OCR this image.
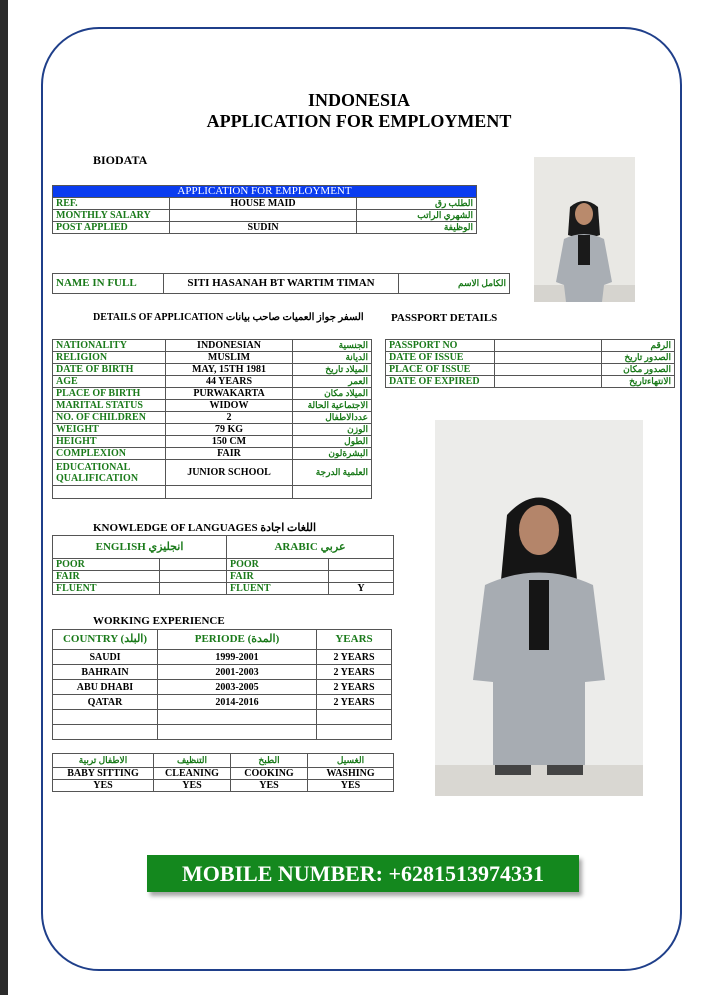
INDONESIA
APPLICATION FOR EMPLOYMENT
BIODATA
APPLICATION FOR EMPLOYMENT		
REF.	HOUSE MAID	الطلب رق
MONTHLY SALARY		الشهري الراتب
POST APPLIED	SUDIN	الوظيفة
NAME IN FULL	SITI HASANAH BT WARTIM TIMAN	الكامل الاسم
DETAILS OF APPLICATION السفر جواز العميات صاحب بيانات PASSPORT DETAILS
NATIONALITY	INDONESIAN	الجنسية
RELIGION	MUSLIM	الديانة
DATE OF BIRTH	MAY, 15TH 1981	الميلاد تاريخ
AGE	44 YEARS	العمر
PLACE OF BIRTH	PURWAKARTA	الميلاد مكان
MARITAL STATUS	WIDOW	الاجتماعية الحالة
NO. OF CHILDREN	2	عددالاطفال
WEIGHT	79 KG	الوزن
HEIGHT	150 CM	الطول
COMPLEXION	FAIR	البشرةلون
EDUCATIONAL QUALIFICATION	JUNIOR SCHOOL	العلمية الدرجة

PASSPORT NO		الرقم
DATE OF ISSUE		الصدور تاريخ
PLACE OF ISSUE		الصدور مكان
DATE OF EXPIRED		الانتهاءتاريخ
KNOWLEDGE OF LANGUAGES اللغات اجادة
ENGLISH انجليزي		ARABIC عربي	
POOR		POOR	
FAIR		FAIR	
FLUENT		FLUENT	Y
WORKING EXPERIENCE
COUNTRY (البلد)	PERIODE (المدة)	YEARS
SAUDI	1999-2001	2 YEARS
BAHRAIN	2001-2003	2 YEARS
ABU DHABI	2003-2005	2 YEARS
QATAR	2014-2016	2 YEARS

الاطفال تربية	التنظيف	الطبخ	الغسيل
BABY SITTING	CLEANING	COOKING	WASHING
YES	YES	YES	YES
MOBILE NUMBER: +6281513974331
